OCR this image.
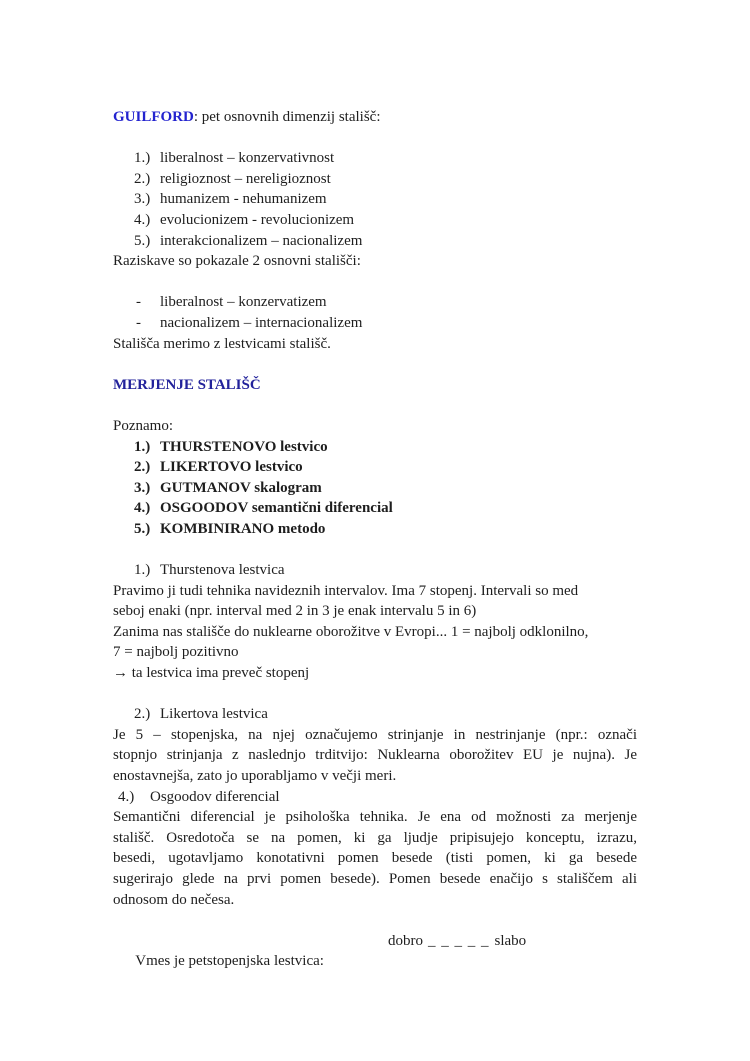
GUILFORD: pet osnovnih dimenzij stališč:
1.) liberalnost – konzervativnost
2.) religioznost – nereligioznost
3.) humanizem - nehumanizem
4.) evolucionizem - revolucionizem
5.) interakcionalizem – nacionalizem
Raziskave so pokazale 2 osnovni stališči:
- liberalnost – konzervatizem
- nacionalizem – internacionalizem
Stališča merimo z lestvicami stališč.
MERJENJE STALIŠČ
Poznamo:
1.) THURSTENOVO lestvico
2.) LIKERTOVO lestvico
3.) GUTMANOV skalogram
4.) OSGOODOV semantični diferencial
5.) KOMBINIRANO metodo
1.) Thurstenova lestvica
Pravimo ji tudi tehnika navideznih intervalov. Ima 7 stopenj. Intervali so med
seboj enaki (npr. interval med 2 in 3 je enak intervalu 5 in 6)
Zanima nas stališče do nuklearne oborožitve v Evropi... 1 = najbolj odklonilno,
7 = najbolj pozitivno
→ ta lestvica ima preveč stopenj
2.) Likertova lestvica
Je 5 – stopenjska, na njej označujemo strinjanje in nestrinjanje (npr.: označi
stopnjo strinjanja z naslednjo trditvijo: Nuklearna oborožitev EU je nujna). Je
enostavnejša, zato jo uporabljamo v večji meri.
4.) Osgoodov diferencial
Semantični diferencial je psihološka tehnika. Je ena od možnosti za merjenje
stališč. Osredotoča se na pomen, ki ga ljudje pripisujejo konceptu, izrazu,
besedi, ugotavljamo konotativni pomen besede (tisti pomen, ki ga besede
sugerirajo glede na prvi pomen besede). Pomen besede enačijo s stališčem ali
odnosom do nečesa.

Vmes je petstopenjska lestvica:

dobro _ _ _ _ _ slabo
